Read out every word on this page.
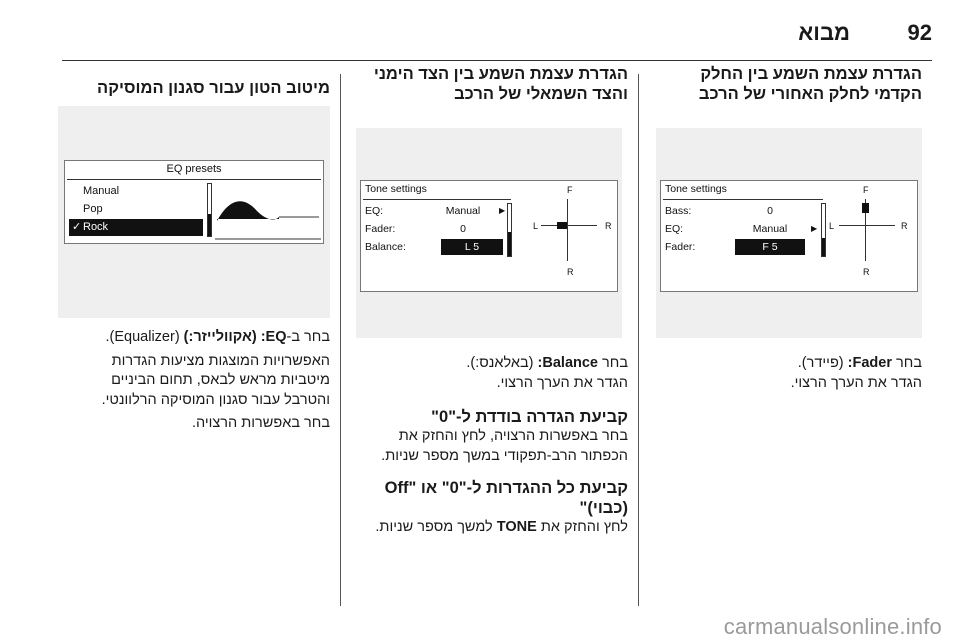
92
מבוא
הגדרת עצמת השמע בין החלק
הקדמי לחלק האחורי של הרכב
Tone settings
Bass:	0
EQ:	Manual	▶
Fader:	F 5
F
L	R
R
בחר Fader: (פיידר).
הגדר את הערך הרצוי.
הגדרת עצמת השמע בין הצד הימני
והצד השמאלי של הרכב
Tone settings
EQ:	Manual	▶
Fader:	0
Balance:	L 5
F
L	R
R
בחר Balance: (באלאנס:).
הגדר את הערך הרצוי.
קביעת הגדרה בודדת ל-"0"
בחר באפשרות הרצויה, לחץ והחזק את
הכפתור הרב-תפקודי במשך מספר שניות.
קביעת כל ההגדרות ל-"0" או "Off
(כבוי)"
לחץ והחזק את TONE למשך מספר שניות.
מיטוב הטון עבור סגנון המוסיקה
EQ presets
Manual
Pop
✓ Rock
בחר ב-EQ: (אקוולייזר:) (Equalizer).
האפשרויות המוצגות מציעות הגדרות
מיטביות מראש לבאס, תחום הביניים
והטרבל עבור סגנון המוסיקה הרלוונטי.
בחר באפשרות הרצויה.
carmanualsonline.info
